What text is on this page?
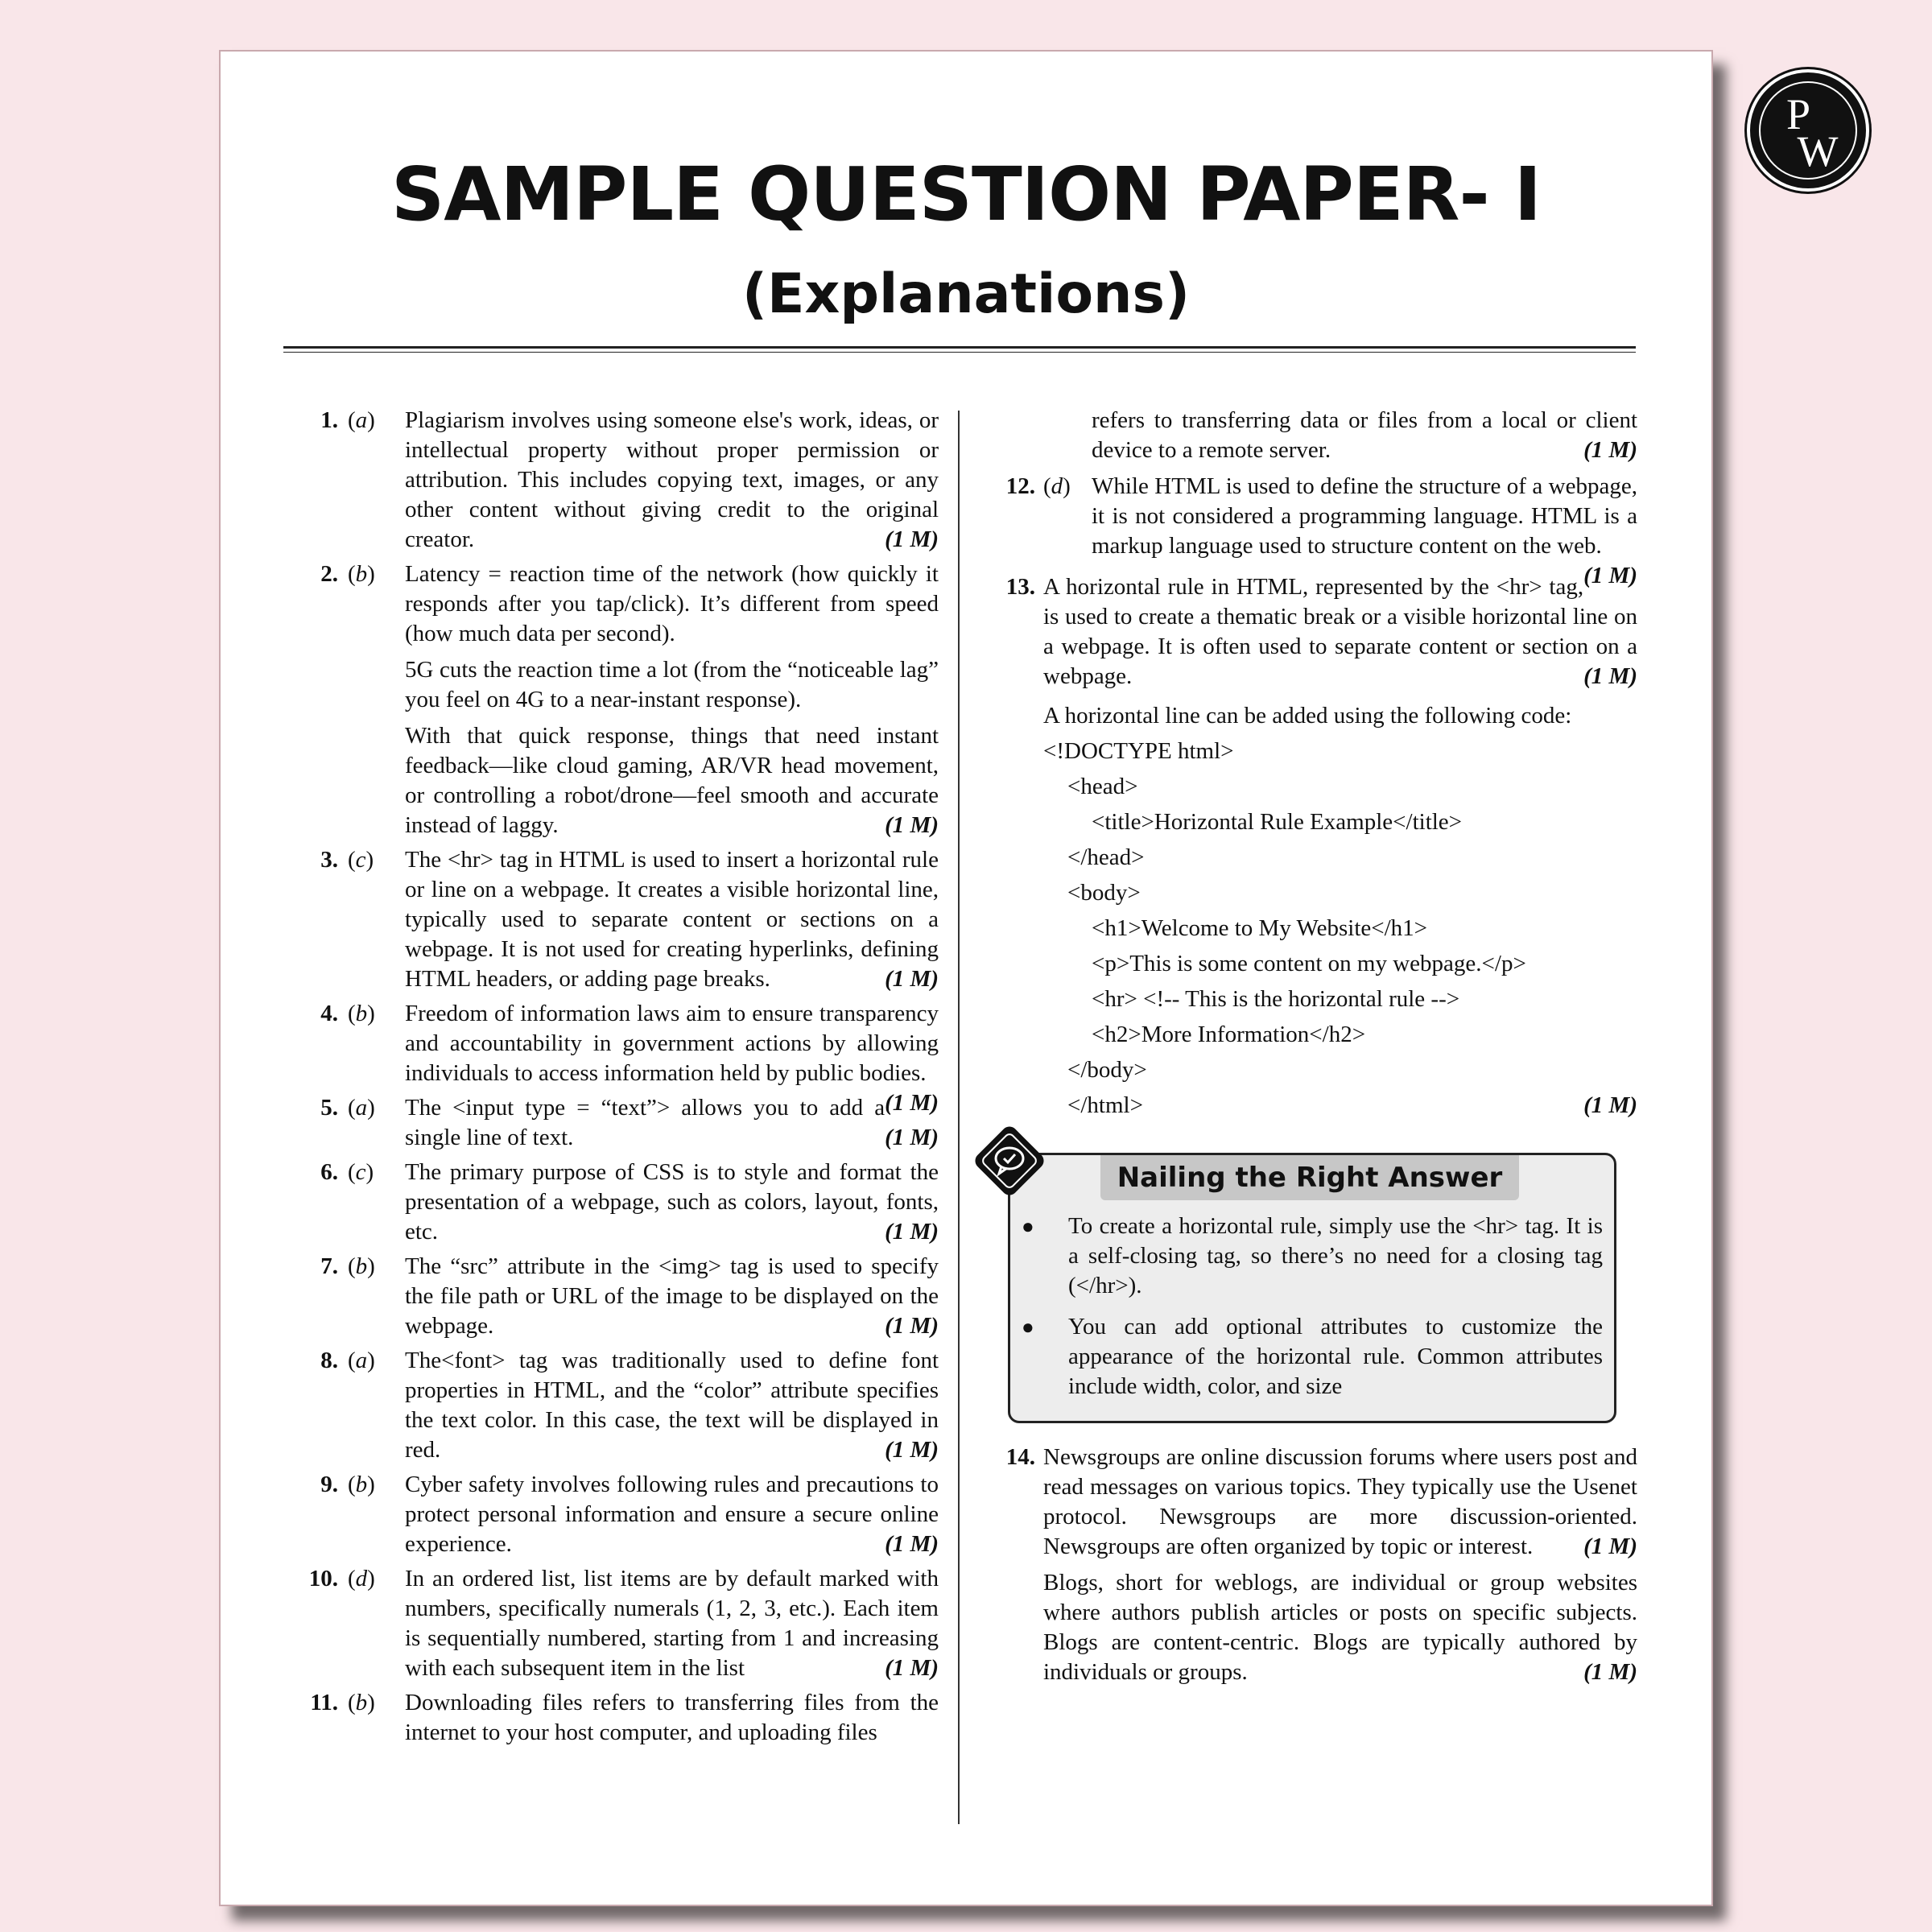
SAMPLE QUESTION PAPER- I
(Explanations)
1. (a) Plagiarism involves using someone else's work, ideas, or intellectual property without proper permission or attribution. This includes copying text, images, or any other content without giving credit to the original creator.	(1 M)
2. (b) Latency = reaction time of the network (how quickly it responds after you tap/click). It’s different from speed (how much data per second).
5G cuts the reaction time a lot (from the “noticeable lag” you feel on 4G to a near-instant response).
With that quick response, things that need instant feedback—like cloud gaming, AR/VR head movement, or controlling a robot/drone—feel smooth and accurate instead of laggy.	(1 M)
3. (c) The <hr> tag in HTML is used to insert a horizontal rule or line on a webpage. It creates a visible horizontal line, typically used to separate content or sections on a webpage. It is not used for creating hyperlinks, defining HTML headers, or adding page breaks.	(1 M)
4. (b) Freedom of information laws aim to ensure transparency and accountability in government actions by allowing individuals to access information held by public bodies.
(1 M)
5. (a) The <input type = “text”> allows you to add a single line of text.	(1 M)
6. (c) The primary purpose of CSS is to style and format the presentation of a webpage, such as colors, layout, fonts, etc.	(1 M)
7. (b) The “src” attribute in the <img> tag is used to specify the file path or URL of the image to be displayed on the webpage.	(1 M)
8. (a) The<font> tag was traditionally used to define font properties in HTML, and the “color” attribute specifies the text color. In this case, the text will be displayed in red.	(1 M)
9. (b) Cyber safety involves following rules and precautions to protect personal information and ensure a secure online experience.	(1 M)
10. (d) In an ordered list, list items are by default marked with numbers, specifically numerals (1, 2, 3, etc.). Each item is sequentially numbered, starting from 1 and increasing with each subsequent item in the list	(1 M)
11. (b) Downloading files refers to transferring files from the internet to your host computer, and uploading files
refers to transferring data or files from a local or client device to a remote server.	(1 M)
12. (d) While HTML is used to define the structure of a webpage, it is not considered a programming language. HTML is a markup language used to structure content on the web.
(1 M)
13. A horizontal rule in HTML, represented by the <hr> tag, is used to create a thematic break or a visible horizontal line on a webpage. It is often used to separate content or section on a webpage.	(1 M)
A horizontal line can be added using the following code:
<!DOCTYPE html>
<head>
<title>Horizontal Rule Example</title>
</head>
<body>
<h1>Welcome to My Website</h1>
<p>This is some content on my webpage.</p>
<hr> <!-- This is the horizontal rule -->
<h2>More Information</h2>
</body>
</html>	(1 M)
Nailing the Right Answer
● To create a horizontal rule, simply use the <hr> tag. It is a self-closing tag, so there’s no need for a closing tag (</hr>).
● You can add optional attributes to customize the appearance of the horizontal rule. Common attributes include width, color, and size
14. Newsgroups are online discussion forums where users post and read messages on various topics. They typically use the Usenet protocol. Newsgroups are more discussion-oriented. Newsgroups are often organized by topic or interest. (1 M)
Blogs, short for weblogs, are individual or group websites where authors publish articles or posts on specific subjects. Blogs are content-centric. Blogs are typically authored by individuals or groups.	(1 M)
P
W
